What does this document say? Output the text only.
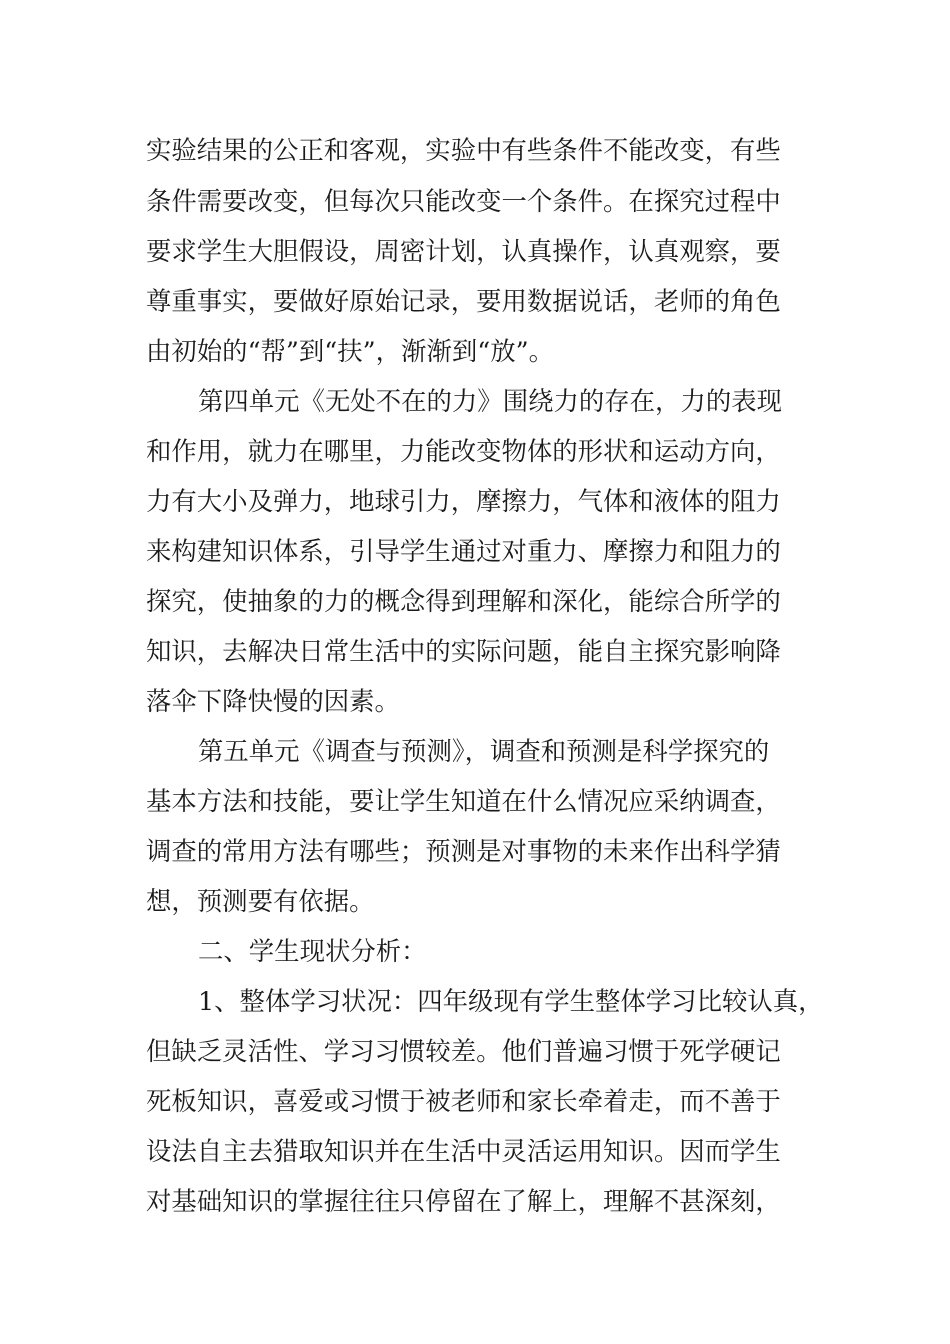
实验结果的公正和客观，实验中有些条件不能改变，有些
条件需要改变，但每次只能改变一个条件。在探究过程中
要求学生大胆假设，周密计划，认真操作，认真观察，要
尊重事实，要做好原始记录，要用数据说话，老师的角色
由初始的“帮”到“扶”，渐渐到“放”。
第四单元《无处不在的力》围绕力的存在，力的表现
和作用，就力在哪里，力能改变物体的形状和运动方向，
力有大小及弹力，地球引力，摩擦力，气体和液体的阻力
来构建知识体系，引导学生通过对重力、摩擦力和阻力的
探究，使抽象的力的概念得到理解和深化，能综合所学的
知识，去解决日常生活中的实际问题，能自主探究影响降
落伞下降快慢的因素。
第五单元《调查与预测》，调查和预测是科学探究的
基本方法和技能，要让学生知道在什么情况应采纳调查，
调查的常用方法有哪些；预测是对事物的未来作出科学猜
想，预测要有依据。
二、学生现状分析：
1、整体学习状况：四年级现有学生整体学习比较认真，
但缺乏灵活性、学习习惯较差。他们普遍习惯于死学硬记
死板知识，喜爱或习惯于被老师和家长牵着走，而不善于
设法自主去猎取知识并在生活中灵活运用知识。因而学生
对基础知识的掌握往往只停留在了解上，理解不甚深刻，
